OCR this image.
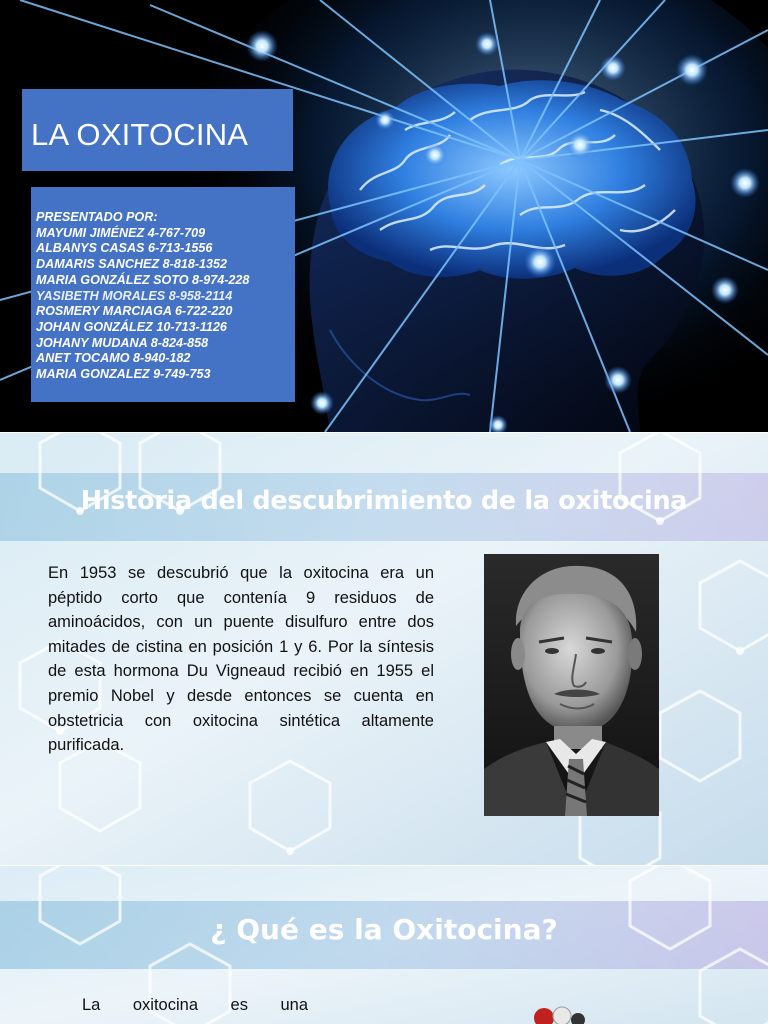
LA OXITOCINA
PRESENTADO POR:
MAYUMI JIMÉNEZ 4-767-709
ALBANYS CASAS 6-713-1556
DAMARIS SANCHEZ 8-818-1352
MARIA GONZÁLEZ SOTO 8-974-228
YASIBETH MORALES 8-958-2114
ROSMERY MARCIAGA 6-722-220
JOHAN GONZÁLEZ 10-713-1126
JOHANY MUDANA 8-824-858
ANET TOCAMO 8-940-182
MARIA GONZALEZ 9-749-753
Historia del descubrimiento de la oxitocina

En 1953 se descubrió que la oxitocina era un péptido corto que contenía 9 residuos de aminoácidos, con un puente disulfuro entre dos mitades de cistina en posición 1 y 6. Por la síntesis de esta hormona Du Vigneaud recibió en 1955 el premio Nobel y desde entonces se cuenta en obstetricia con oxitocina sintética altamente purificada.

¿ Qué es la Oxitocina?

La oxitocina es una
